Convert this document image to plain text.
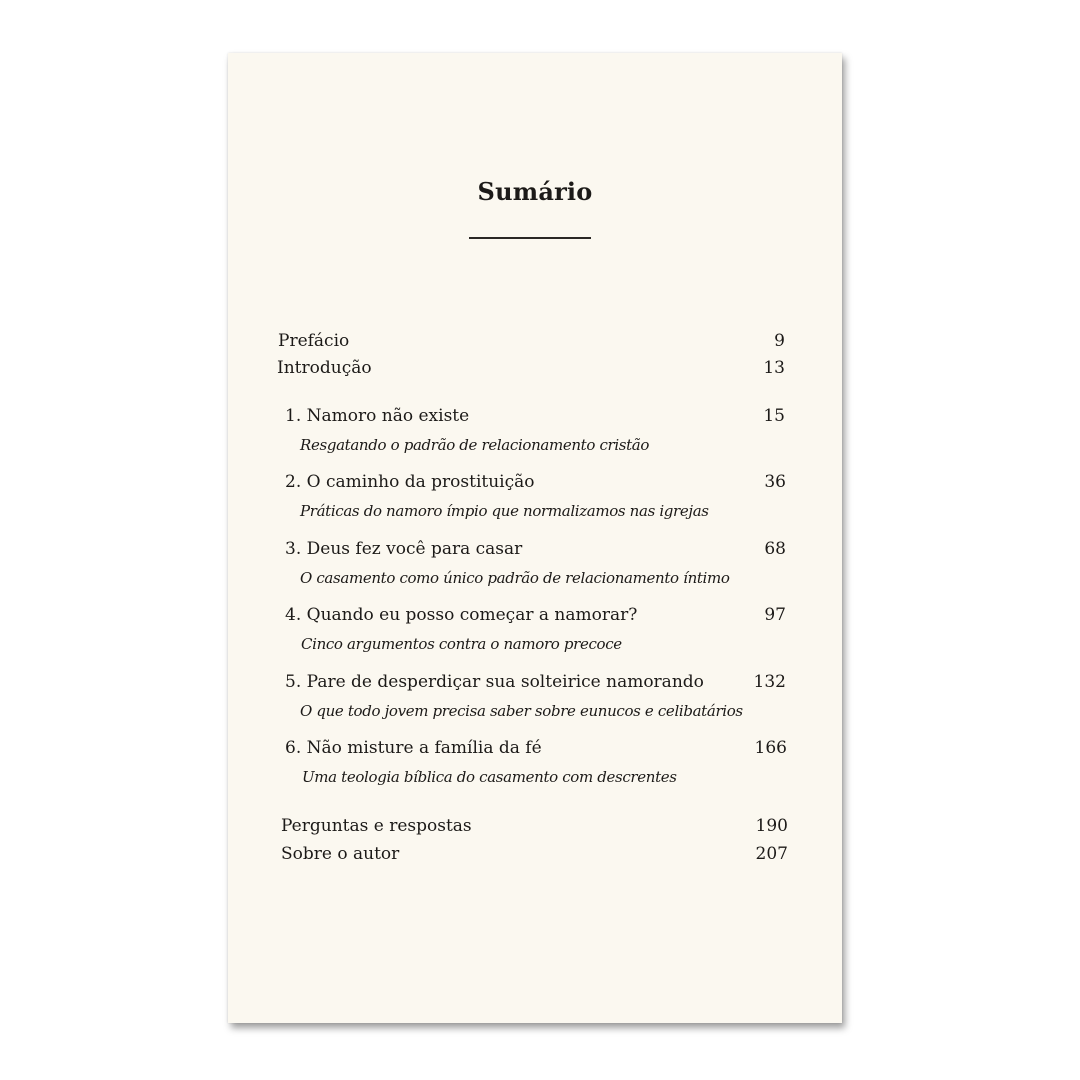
Sumário
Prefácio	9
Introdução	13
1. Namoro não existe	15
Resgatando o padrão de relacionamento cristão
2. O caminho da prostituição	36
Práticas do namoro ímpio que normalizamos nas igrejas
3. Deus fez você para casar	68
O casamento como único padrão de relacionamento íntimo
4. Quando eu posso começar a namorar?	97
Cinco argumentos contra o namoro precoce
5. Pare de desperdiçar sua solteirice namorando	132
O que todo jovem precisa saber sobre eunucos e celibatários
6. Não misture a família da fé	166
Uma teologia bíblica do casamento com descrentes
Perguntas e respostas	190
Sobre o autor	207
